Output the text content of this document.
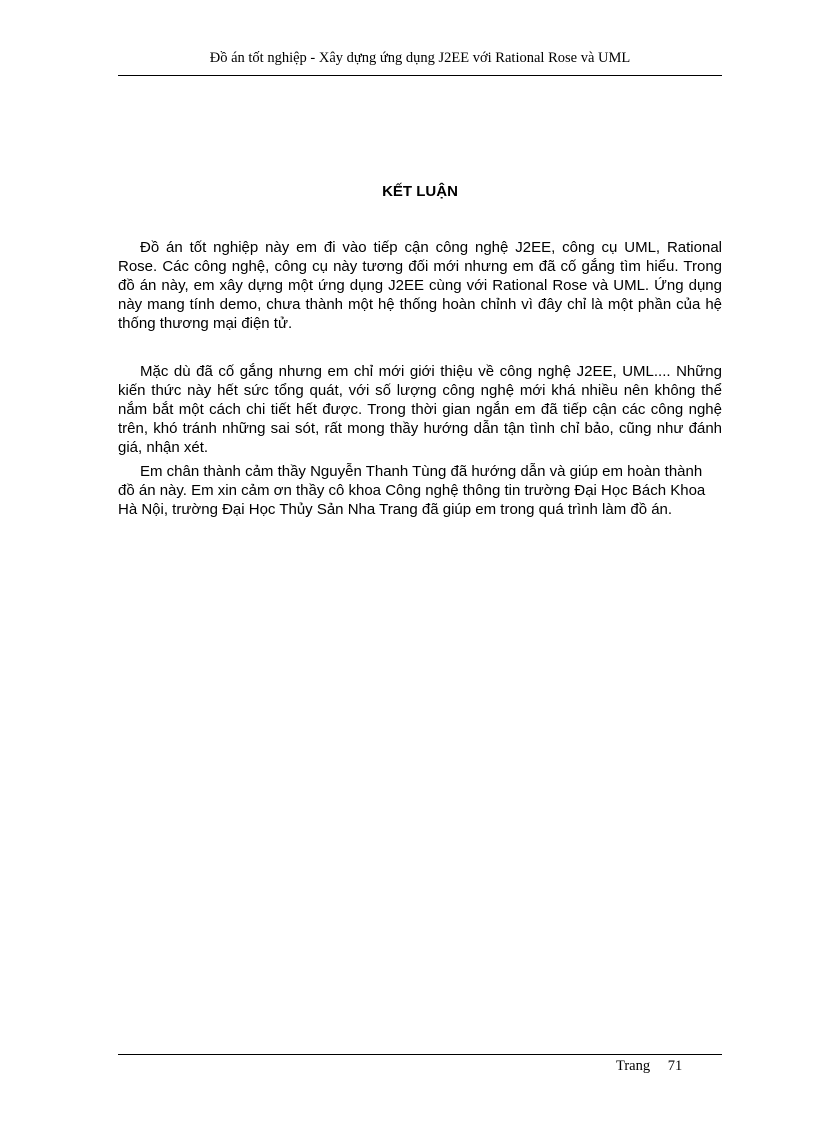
Đồ án tốt nghiệp - Xây dựng ứng dụng J2EE với Rational Rose và UML
KẾT LUẬN
Đồ án tốt nghiệp này em đi vào tiếp cận công nghệ J2EE, công cụ UML, Rational Rose. Các công nghệ, công cụ này tương đối mới nhưng em đã cố gắng tìm hiểu. Trong đồ án này, em xây dựng một ứng dụng J2EE cùng với Rational Rose và UML. Ứng dụng này mang tính demo, chưa thành một hệ thống hoàn chỉnh vì đây chỉ là một phần của hệ thống thương mại điện tử.
Mặc dù đã cố gắng nhưng em chỉ mới giới thiệu về công nghệ J2EE, UML.... Những kiến thức này hết sức tổng quát, với số lượng công nghệ mới khá nhiều nên không thể nắm bắt một cách chi tiết hết được. Trong thời gian ngắn em đã tiếp cận các công nghệ trên, khó tránh những sai sót, rất mong thầy hướng dẫn tận tình chỉ bảo, cũng như đánh giá, nhận xét.
Em chân thành cảm thầy Nguyễn Thanh Tùng đã hướng dẫn và giúp em hoàn thành đồ án này. Em xin cảm ơn thầy cô khoa Công nghệ thông tin trường Đại Học Bách Khoa Hà Nội, trường Đại Học Thủy Sản Nha Trang đã giúp em trong quá trình làm đồ án.
Trang 71
